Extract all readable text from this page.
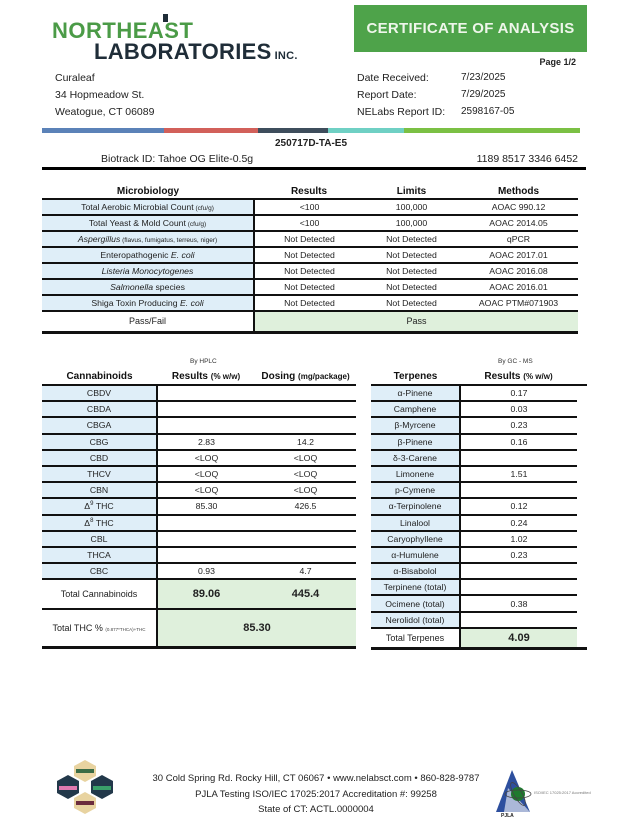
NORTHEAST
LABORATORIES INC.
Curaleaf
34 Hopmeadow St.
Weatogue, CT 06089
CERTIFICATE OF ANALYSIS
Page 1/2
Date Received:	7/23/2025
Report Date:	7/29/2025
NELabs Report ID: 2598167-05
250717D-TA-E5
Biotrack ID: Tahoe OG Elite-0.5g	1189 8517 3346 6452
Microbiology	Results	Limits	Methods
Total Aerobic Microbial Count (cfu/g)	<100	100,000	AOAC 990.12
Total Yeast & Mold Count (cfu/g)	<100	100,000	AOAC 2014.05
Aspergillus (flavus, fumigatus, terreus, niger)	Not Detected	Not Detected	qPCR
Enteropathogenic E. coli	Not Detected	Not Detected	AOAC 2017.01
Listeria Monocytogenes	Not Detected	Not Detected	AOAC 2016.08
Salmonella species	Not Detected	Not Detected	AOAC 2016.01
Shiga Toxin Producing E. coli	Not Detected	Not Detected	AOAC PTM#071903
Pass/Fail	Pass		
By HPLC
Cannabinoids	Results (% w/w)	Dosing (mg/package)
CBDV		
CBDA		
CBGA		
CBG	2.83	14.2
CBD	<LOQ	<LOQ
THCV	<LOQ	<LOQ
CBN	<LOQ	<LOQ
$\Delta^9$ THC	85.30	426.5
$\Delta^8$ THC		
CBL		
THCA		
CBC	0.93	4.7
Total Cannabinoids	89.06	445.4
Total THC % (0.877*THCA)+THC	85.30	
By GC - MS
Terpenes	Results (% w/w)	
α-Pinene	0.17	
Camphene	0.03	
β-Myrcene	0.23	
β-Pinene	0.16	
δ-3-Carene		
Limonene	1.51	
p-Cymene		
α-Terpinolene	0.12	
Linalool	0.24	
Caryophyllene	1.02	
α-Humulene	0.23	
α-Bisabolol		
Terpinene (total)		
Ocimene (total)	0.38	
Nerolidol (total)		
Total Terpenes	4.09	
30 Cold Spring Rd. Rocky Hill, CT 06067 • www.nelabsct.com • 860-828-9787
PJLA Testing ISO/IEC 17025:2017 Accreditation #: 99258
State of CT: ACTL.0000004
PJLA
ISO/IEC 17025:2017 Accredited
